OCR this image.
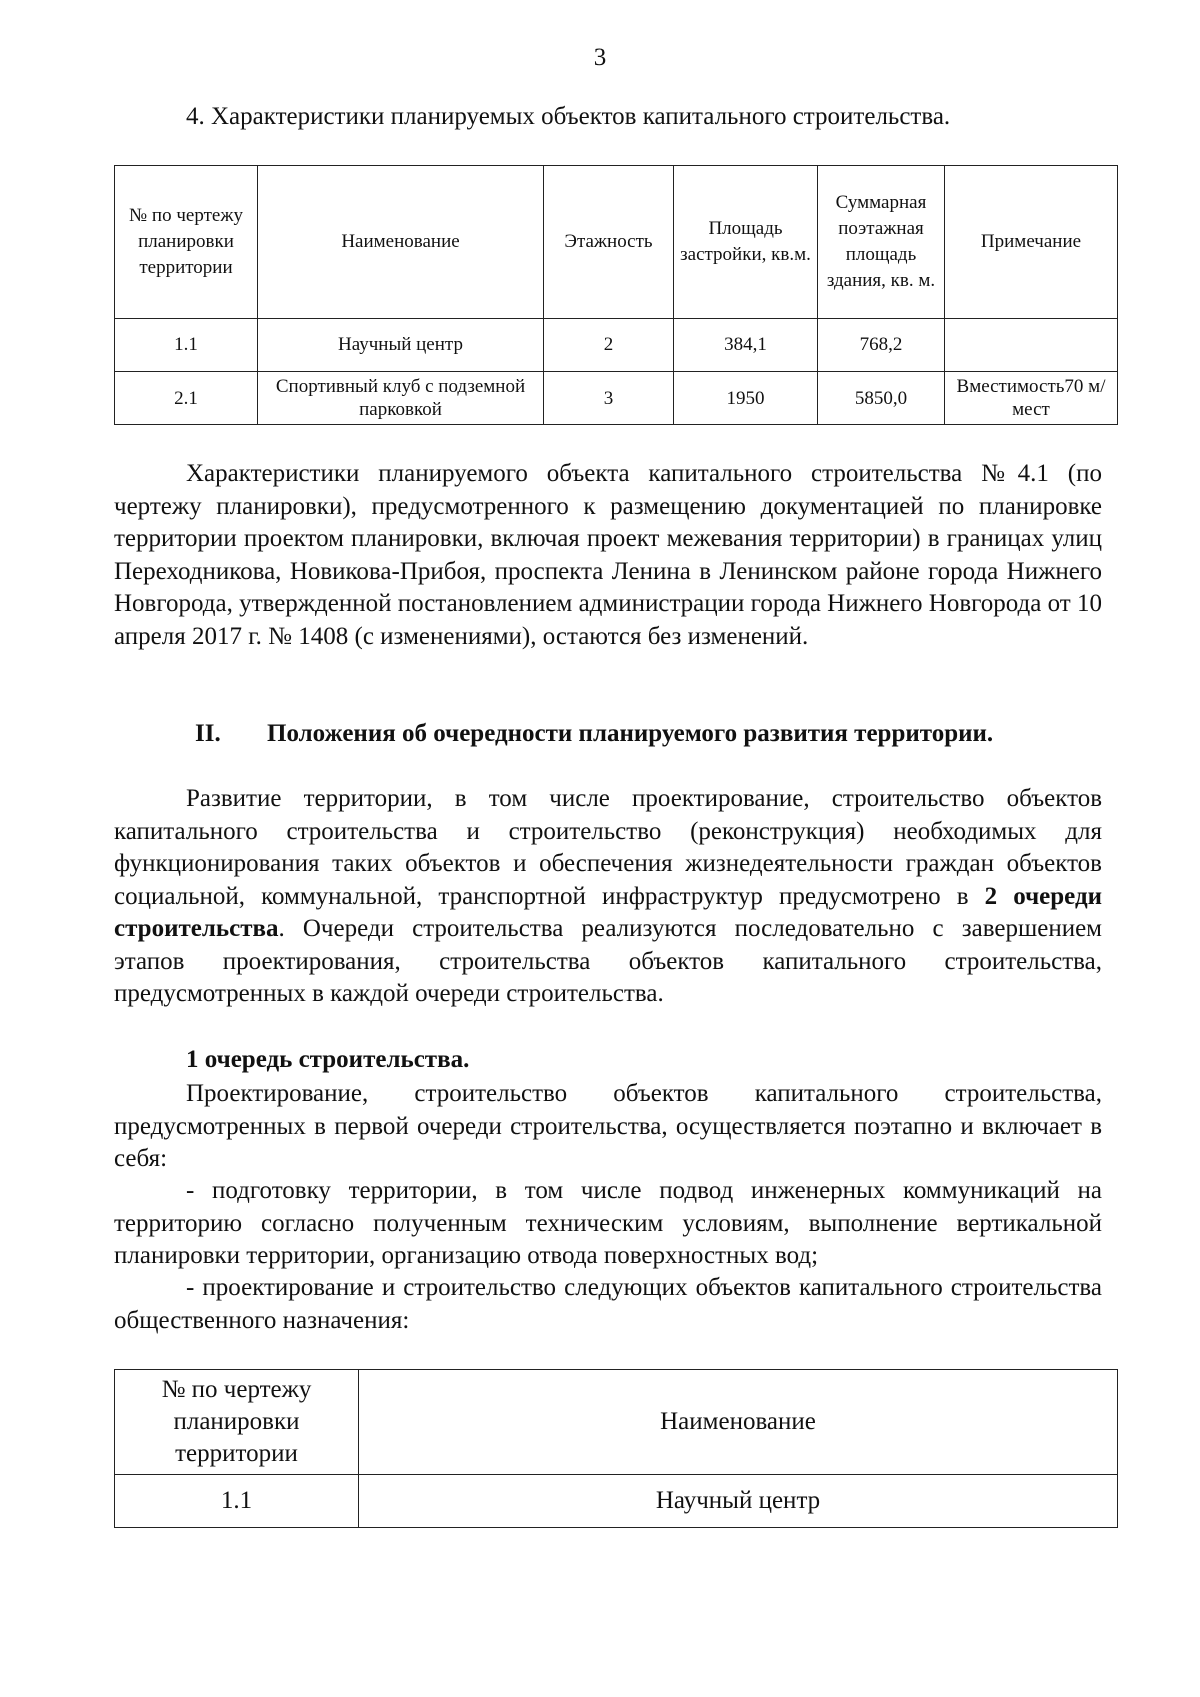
3
4. Характеристики планируемых объектов капитального строительства.
№ по чертежу планировки территории	Наименование	Этажность	Площадь застройки, кв.м.	Суммарная поэтажная площадь здания, кв. м.	Примечание
1.1	Научный центр	2	384,1	768,2	
2.1	Спортивный клуб с подземной парковкой	3	1950	5850,0	Вместимость70 м/мест
Характеристики планируемого объекта капитального строительства №4.1 (по чертежу планировки), предусмотренного к размещению документацией по планировке территории проектом планировки, включая проект межевания территории) в границах улиц Переходникова, Новикова-Прибоя, проспекта Ленина в Ленинском районе города Нижнего Новгорода, утвержденной постановлением администрации города Нижнего Новгорода от 10 апреля 2017 г. № 1408 (с изменениями), остаются без изменений.
II. Положения об очередности планируемого развития территории.
Развитие территории, в том числе проектирование, строительство объектов капитального строительства и строительство (реконструкция) необходимых для функционирования таких объектов и обеспечения жизнедеятельности граждан объектов социальной, коммунальной, транспортной инфраструктур предусмотрено в 2 очереди строительства. Очереди строительства реализуются последовательно с завершением этапов проектирования, строительства объектов капитального строительства, предусмотренных в каждой очереди строительства.
1 очередь строительства.
Проектирование, строительство объектов капитального строительства, предусмотренных в первой очереди строительства, осуществляется поэтапно и включает в себя:
- подготовку территории, в том числе подвод инженерных коммуникаций на территорию согласно полученным техническим условиям, выполнение вертикальной планировки территории, организацию отвода поверхностных вод;
- проектирование и строительство следующих объектов капитального строительства общественного назначения:
№ по чертежу планировки территории	Наименование
1.1	Научный центр
